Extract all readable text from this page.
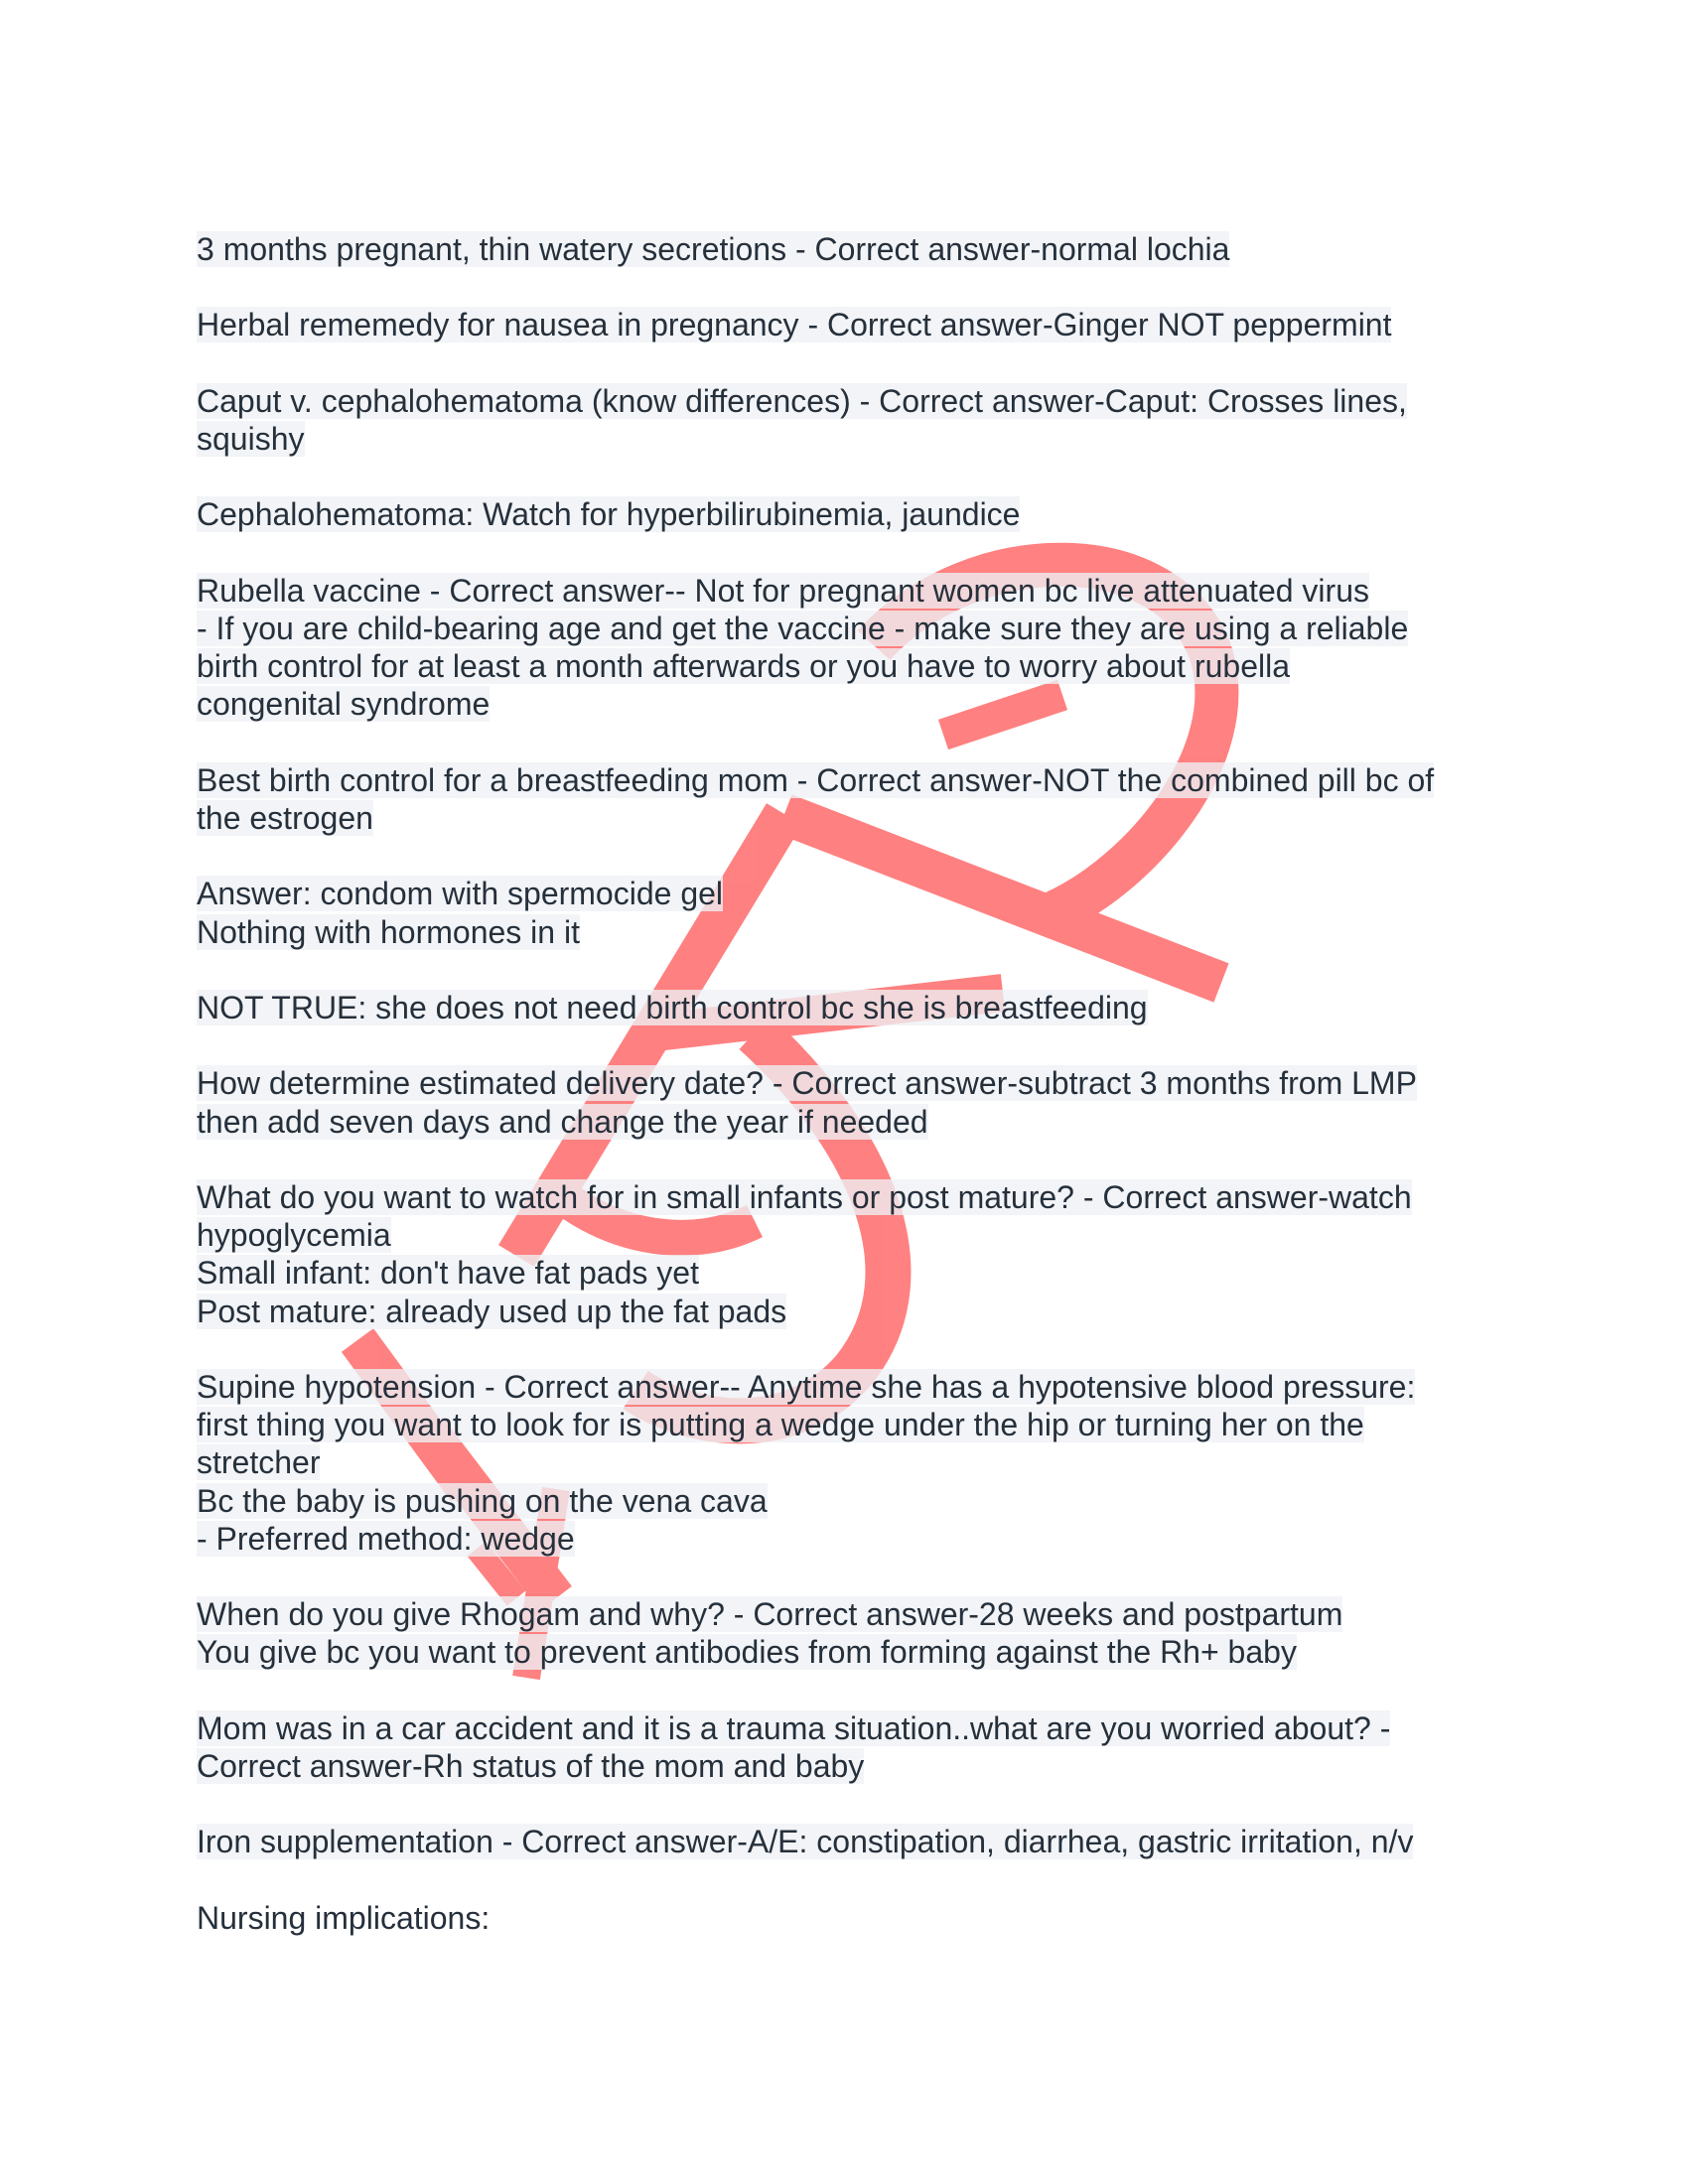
3 months pregnant, thin watery secretions - Correct answer-normal lochia
Herbal rememedy for nausea in pregnancy - Correct answer-Ginger NOT peppermint
Caput v. cephalohematoma (know differences) - Correct answer-Caput: Crosses lines,
squishy
Cephalohematoma: Watch for hyperbilirubinemia, jaundice
Rubella vaccine - Correct answer-- Not for pregnant women bc live attenuated virus
- If you are child-bearing age and get the vaccine - make sure they are using a reliable
birth control for at least a month afterwards or you have to worry about rubella
congenital syndrome
Best birth control for a breastfeeding mom - Correct answer-NOT the combined pill bc of
the estrogen
Answer: condom with spermocide gel
Nothing with hormones in it
NOT TRUE: she does not need birth control bc she is breastfeeding
How determine estimated delivery date? - Correct answer-subtract 3 months from LMP
then add seven days and change the year if needed
What do you want to watch for in small infants or post mature? - Correct answer-watch
hypoglycemia
Small infant: don't have fat pads yet
Post mature: already used up the fat pads
Supine hypotension - Correct answer-- Anytime she has a hypotensive blood pressure:
first thing you want to look for is putting a wedge under the hip or turning her on the
stretcher
Bc the baby is pushing on the vena cava
- Preferred method: wedge
When do you give Rhogam and why? - Correct answer-28 weeks and postpartum
You give bc you want to prevent antibodies from forming against the Rh+ baby
Mom was in a car accident and it is a trauma situation..what are you worried about? -
Correct answer-Rh status of the mom and baby
Iron supplementation - Correct answer-A/E: constipation, diarrhea, gastric irritation, n/v
Nursing implications:
